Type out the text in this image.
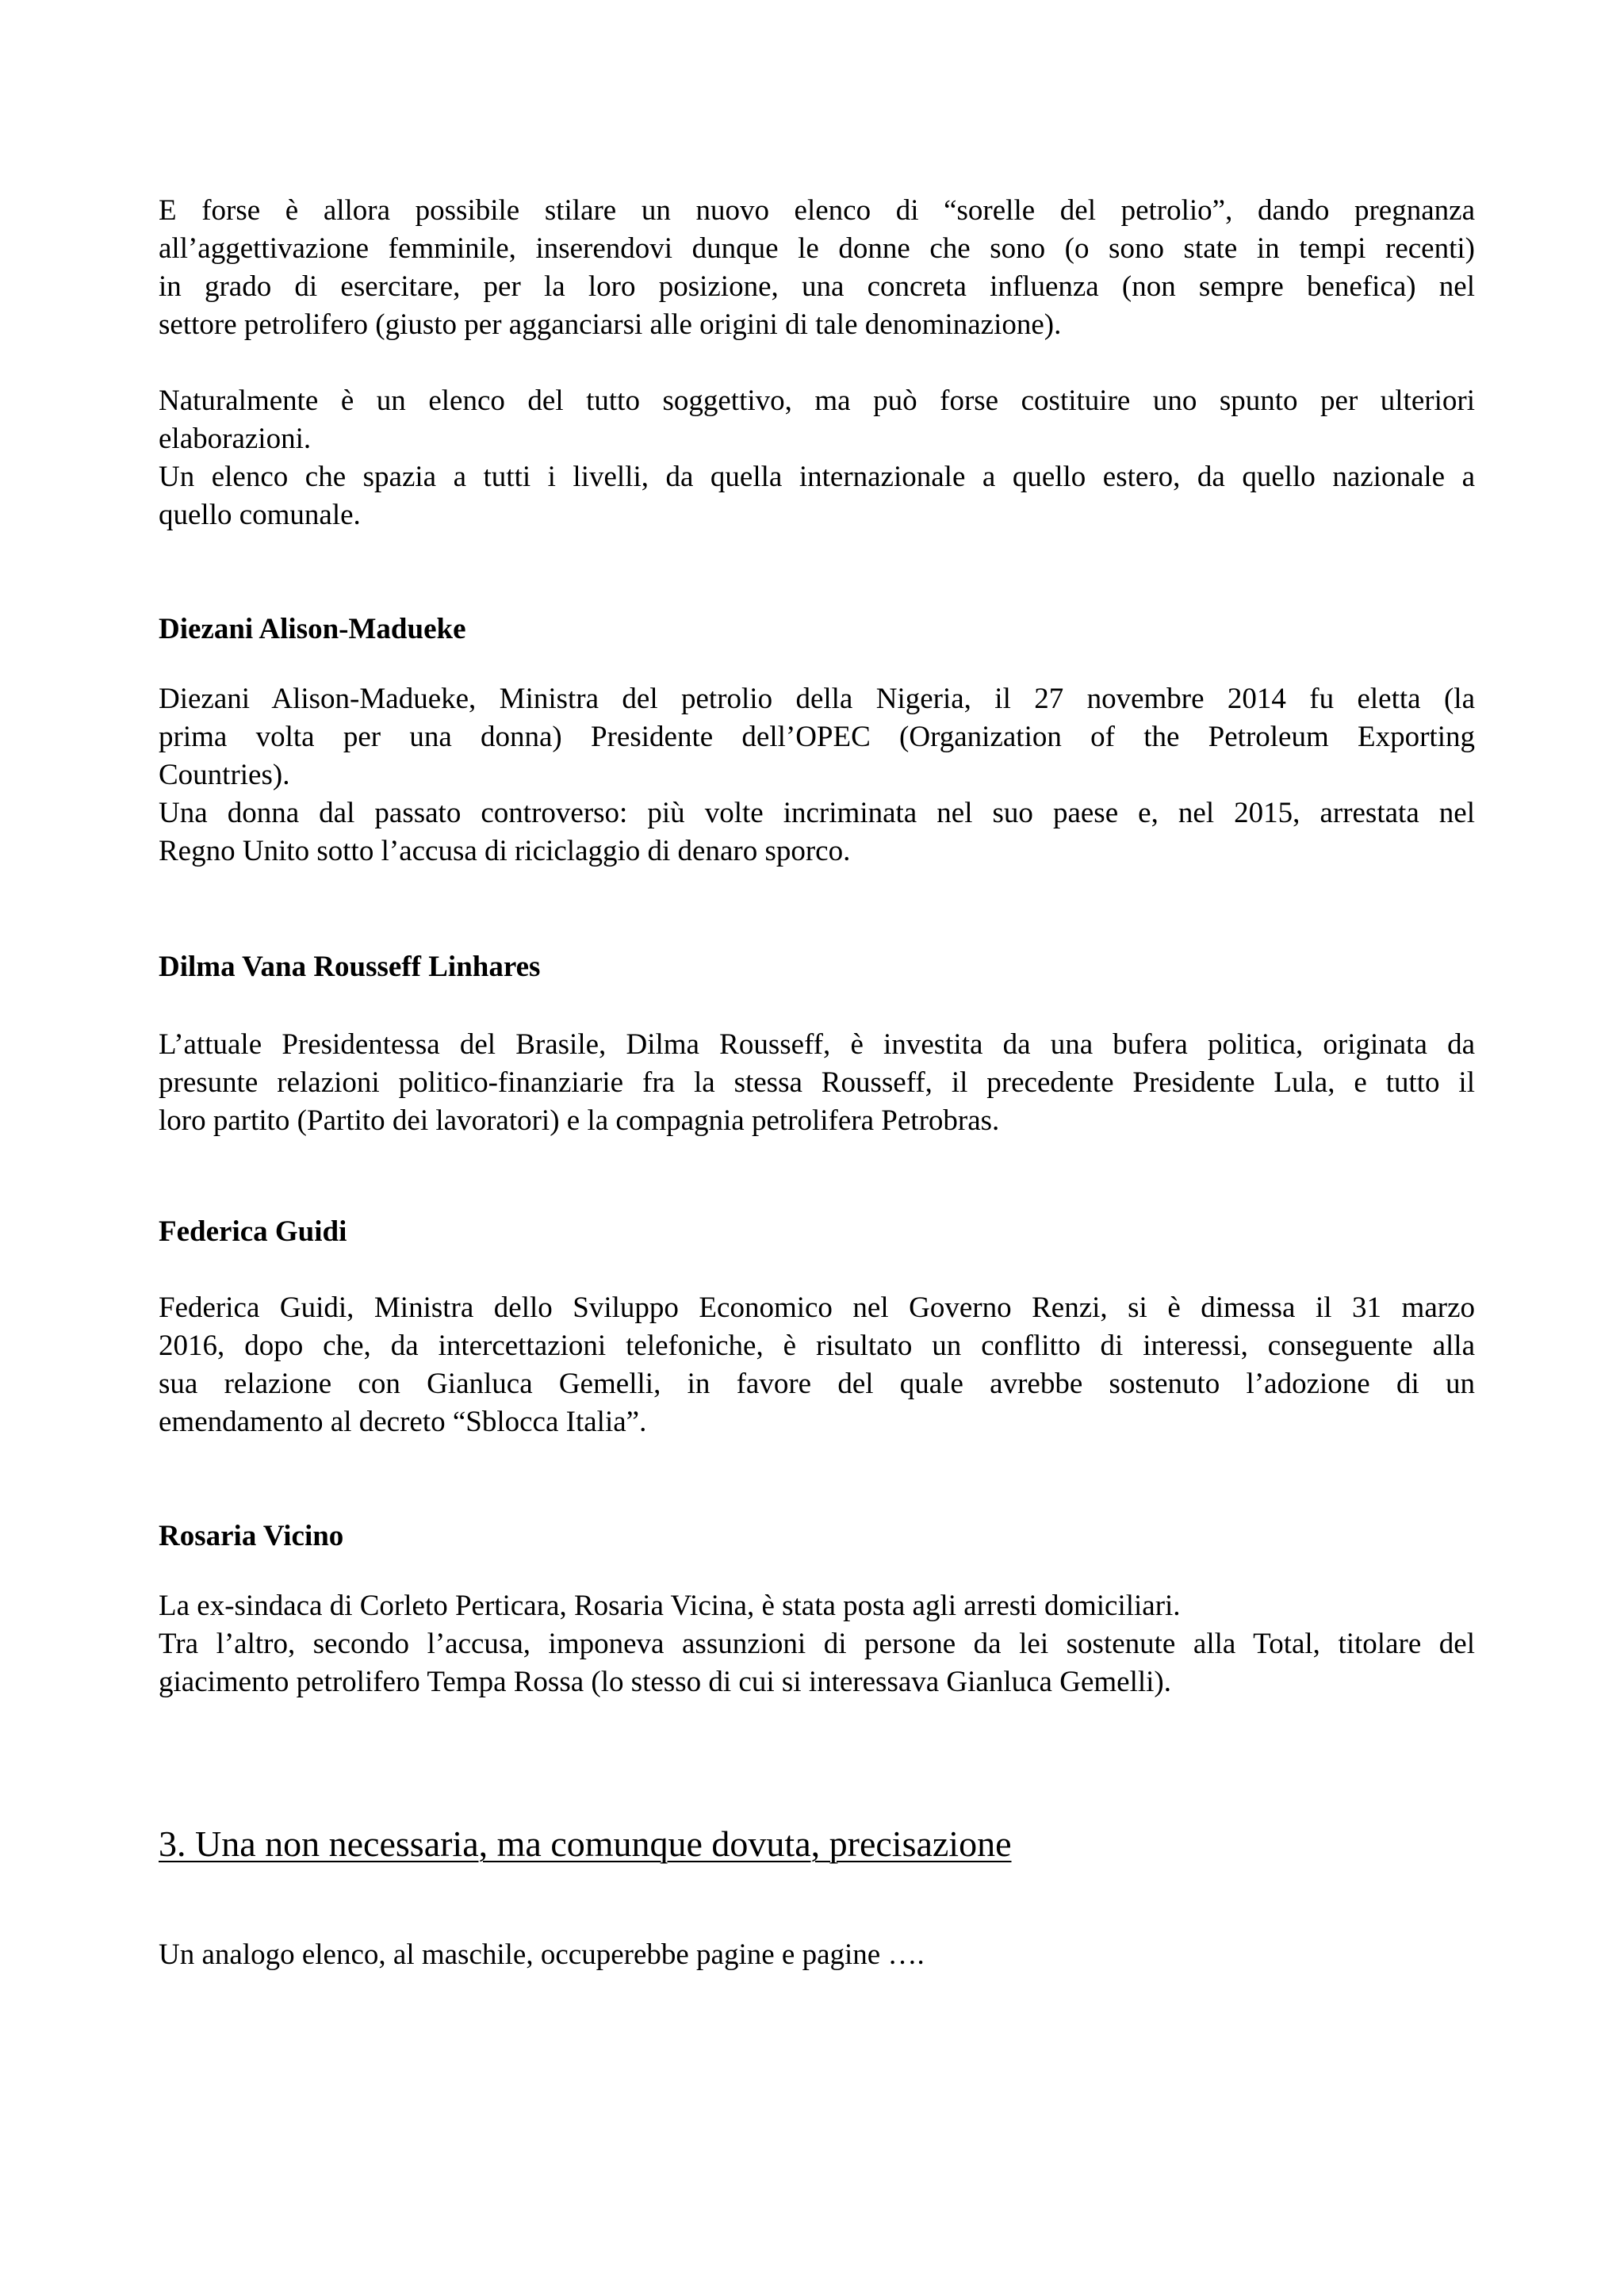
E forse è allora possibile stilare un nuovo elenco di “sorelle del petrolio”, dando pregnanza
all’aggettivazione femminile, inserendovi dunque le donne che sono (o sono state in tempi recenti)
in grado di esercitare, per la loro posizione, una concreta influenza (non sempre benefica) nel
settore petrolifero (giusto per agganciarsi alle origini di tale denominazione).

Naturalmente è un elenco del tutto soggettivo, ma può forse costituire uno spunto per ulteriori
elaborazioni.
Un elenco che spazia a tutti i livelli, da quella internazionale a quello estero, da quello nazionale a
quello comunale.

Diezani Alison-Madueke

Diezani Alison-Madueke, Ministra del petrolio della Nigeria, il 27 novembre 2014 fu eletta (la
prima volta per una donna) Presidente dell’OPEC (Organization of the Petroleum Exporting
Countries).
Una donna dal passato controverso: più volte incriminata nel suo paese e, nel 2015, arrestata nel
Regno Unito sotto l’accusa di riciclaggio di denaro sporco.

Dilma Vana Rousseff Linhares

L’attuale Presidentessa del Brasile, Dilma Rousseff, è investita da una bufera politica, originata da
presunte relazioni politico-finanziarie fra la stessa Rousseff, il precedente Presidente Lula, e tutto il
loro partito (Partito dei lavoratori) e la compagnia petrolifera Petrobras.

Federica Guidi

Federica Guidi, Ministra dello Sviluppo Economico nel Governo Renzi, si è dimessa il 31 marzo
2016, dopo che, da intercettazioni telefoniche, è risultato un conflitto di interessi, conseguente alla
sua relazione con Gianluca Gemelli, in favore del quale avrebbe sostenuto l’adozione di un
emendamento al decreto “Sblocca Italia”.

Rosaria Vicino

La ex-sindaca di Corleto Perticara, Rosaria Vicina, è stata posta agli arresti domiciliari.
Tra l’altro, secondo l’accusa, imponeva assunzioni di persone da lei sostenute alla Total, titolare del
giacimento petrolifero Tempa Rossa (lo stesso di cui si interessava Gianluca Gemelli).

3. Una non necessaria, ma comunque dovuta, precisazione

Un analogo elenco, al maschile, occuperebbe pagine e pagine ….
